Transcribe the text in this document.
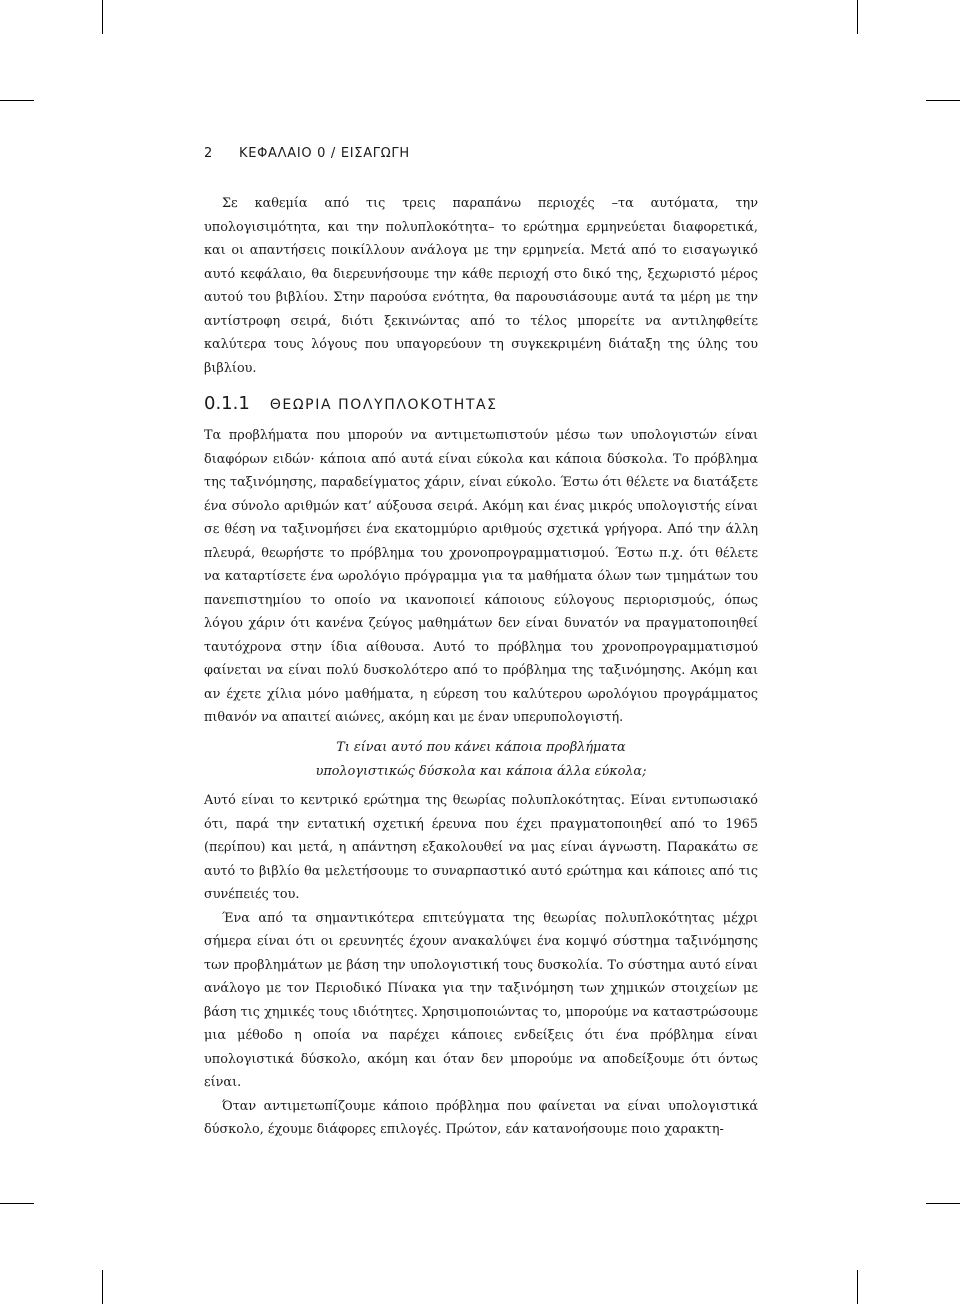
2 ΚΕΦΑΛΑΙΟ 0 / ΕΙΣΑΓΩΓΗ

Σε καθεμία από τις τρεις παραπάνω περιοχές –τα αυτόματα, την υπολογισιμότητα, και την πολυπλοκότητα– το ερώτημα ερμηνεύεται διαφορετικά, και οι απαντήσεις ποικίλλουν ανάλογα με την ερμηνεία. Μετά από το εισαγωγικό αυτό κεφάλαιο, θα διερευνήσουμε την κάθε περιοχή στο δικό της, ξεχωριστό μέρος αυτού του βιβλίου. Στην παρούσα ενότητα, θα παρουσιάσουμε αυτά τα μέρη με την αντίστροφη σειρά, διότι ξεκινώντας από το τέλος μπορείτε να αντιληφθείτε καλύτερα τους λόγους που υπαγορεύουν τη συγκεκριμένη διάταξη της ύλης του βιβλίου.

0.1.1 ΘΕΩΡΙΑ ΠΟΛΥΠΛΟΚΟΤΗΤΑΣ

Τα προβλήματα που μπορούν να αντιμετωπιστούν μέσω των υπολογιστών είναι διαφόρων ειδών· κάποια από αυτά είναι εύκολα και κάποια δύσκολα. Το πρόβλημα της ταξινόμησης, παραδείγματος χάριν, είναι εύκολο. Έστω ότι θέλετε να διατάξετε ένα σύνολο αριθμών κατ’ αύξουσα σειρά. Ακόμη και ένας μικρός υπολογιστής είναι σε θέση να ταξινομήσει ένα εκατομμύριο αριθμούς σχετικά γρήγορα. Από την άλλη πλευρά, θεωρήστε το πρόβλημα του χρονοπρογραμματισμού. Έστω π.χ. ότι θέλετε να καταρτίσετε ένα ωρολόγιο πρόγραμμα για τα μαθήματα όλων των τμημάτων του πανεπιστημίου το οποίο να ικανοποιεί κάποιους εύλογους περιορισμούς, όπως λόγου χάριν ότι κανένα ζεύγος μαθημάτων δεν είναι δυνατόν να πραγματοποιηθεί ταυτόχρονα στην ίδια αίθουσα. Αυτό το πρόβλημα του χρονοπρογραμματισμού φαίνεται να είναι πολύ δυσκολότερο από το πρόβλημα της ταξινόμησης. Ακόμη και αν έχετε χίλια μόνο μαθήματα, η εύρεση του καλύτερου ωρολόγιου προγράμματος πιθανόν να απαιτεί αιώνες, ακόμη και με έναν υπερυπολογιστή.

Τι είναι αυτό που κάνει κάποια προβλήματα

υπολογιστικώς δύσκολα και κάποια άλλα εύκολα;

Αυτό είναι το κεντρικό ερώτημα της θεωρίας πολυπλοκότητας. Είναι εντυπωσιακό ότι, παρά την εντατική σχετική έρευνα που έχει πραγματοποιηθεί από το 1965 (περίπου) και μετά, η απάντηση εξακολουθεί να μας είναι άγνωστη. Παρακάτω σε αυτό το βιβλίο θα μελετήσουμε το συναρπαστικό αυτό ερώτημα και κάποιες από τις συνέπειές του.

Ένα από τα σημαντικότερα επιτεύγματα της θεωρίας πολυπλοκότητας μέχρι σήμερα είναι ότι οι ερευνητές έχουν ανακαλύψει ένα κομψό σύστημα ταξινόμησης των προβλημάτων με βάση την υπολογιστική τους δυσκολία. Το σύστημα αυτό είναι ανάλογο με τον Περιοδικό Πίνακα για την ταξινόμηση των χημικών στοιχείων με βάση τις χημικές τους ιδιότητες. Χρησιμοποιώντας το, μπορούμε να καταστρώσουμε μια μέθοδο η οποία να παρέχει κάποιες ενδείξεις ότι ένα πρόβλημα είναι υπολογιστικά δύσκολο, ακόμη και όταν δεν μπορούμε να αποδείξουμε ότι όντως είναι.

Όταν αντιμετωπίζουμε κάποιο πρόβλημα που φαίνεται να είναι υπολογιστικά δύσκολο, έχουμε διάφορες επιλογές. Πρώτον, εάν κατανοήσουμε ποιο χαρακτη-
